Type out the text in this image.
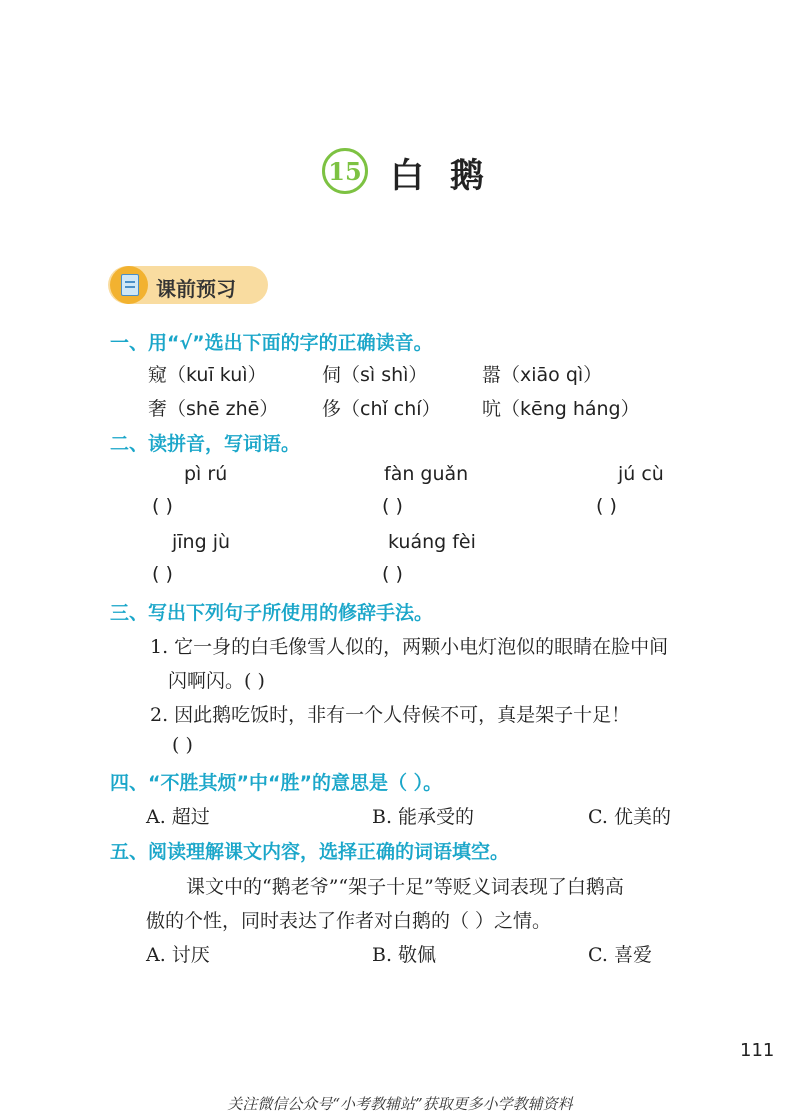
15 白鹅
课前预习
一、用“√”选出下面的字的正确读音。
窥（kuī kuì）	伺（sì shì）	嚣（xiāo qì）
奢（shē zhē） 侈（chǐ chí） 吭（kēng háng）
二、读拼音，写词语。
pì rú	fàn guǎn	jú cù
( )	( )	( )
jīng jù	kuáng fèi
( )	( )
三、写出下列句子所使用的修辞手法。
1. 它一身的白毛像雪人似的，两颗小电灯泡似的眼睛在脸中间
闪啊闪。( )
2. 因此鹅吃饭时，非有一个人侍候不可，真是架子十足！
( )
四、“不胜其烦”中“胜”的意思是（ ）。
A. 超过	B. 能承受的	C. 优美的
五、阅读理解课文内容，选择正确的词语填空。
课文中的“鹅老爷”“架子十足”等贬义词表现了白鹅高
傲的个性，同时表达了作者对白鹅的（ ）之情。
A. 讨厌	B. 敬佩	C. 喜爱
111
关注微信公众号“小考教辅站”获取更多小学教辅资料
